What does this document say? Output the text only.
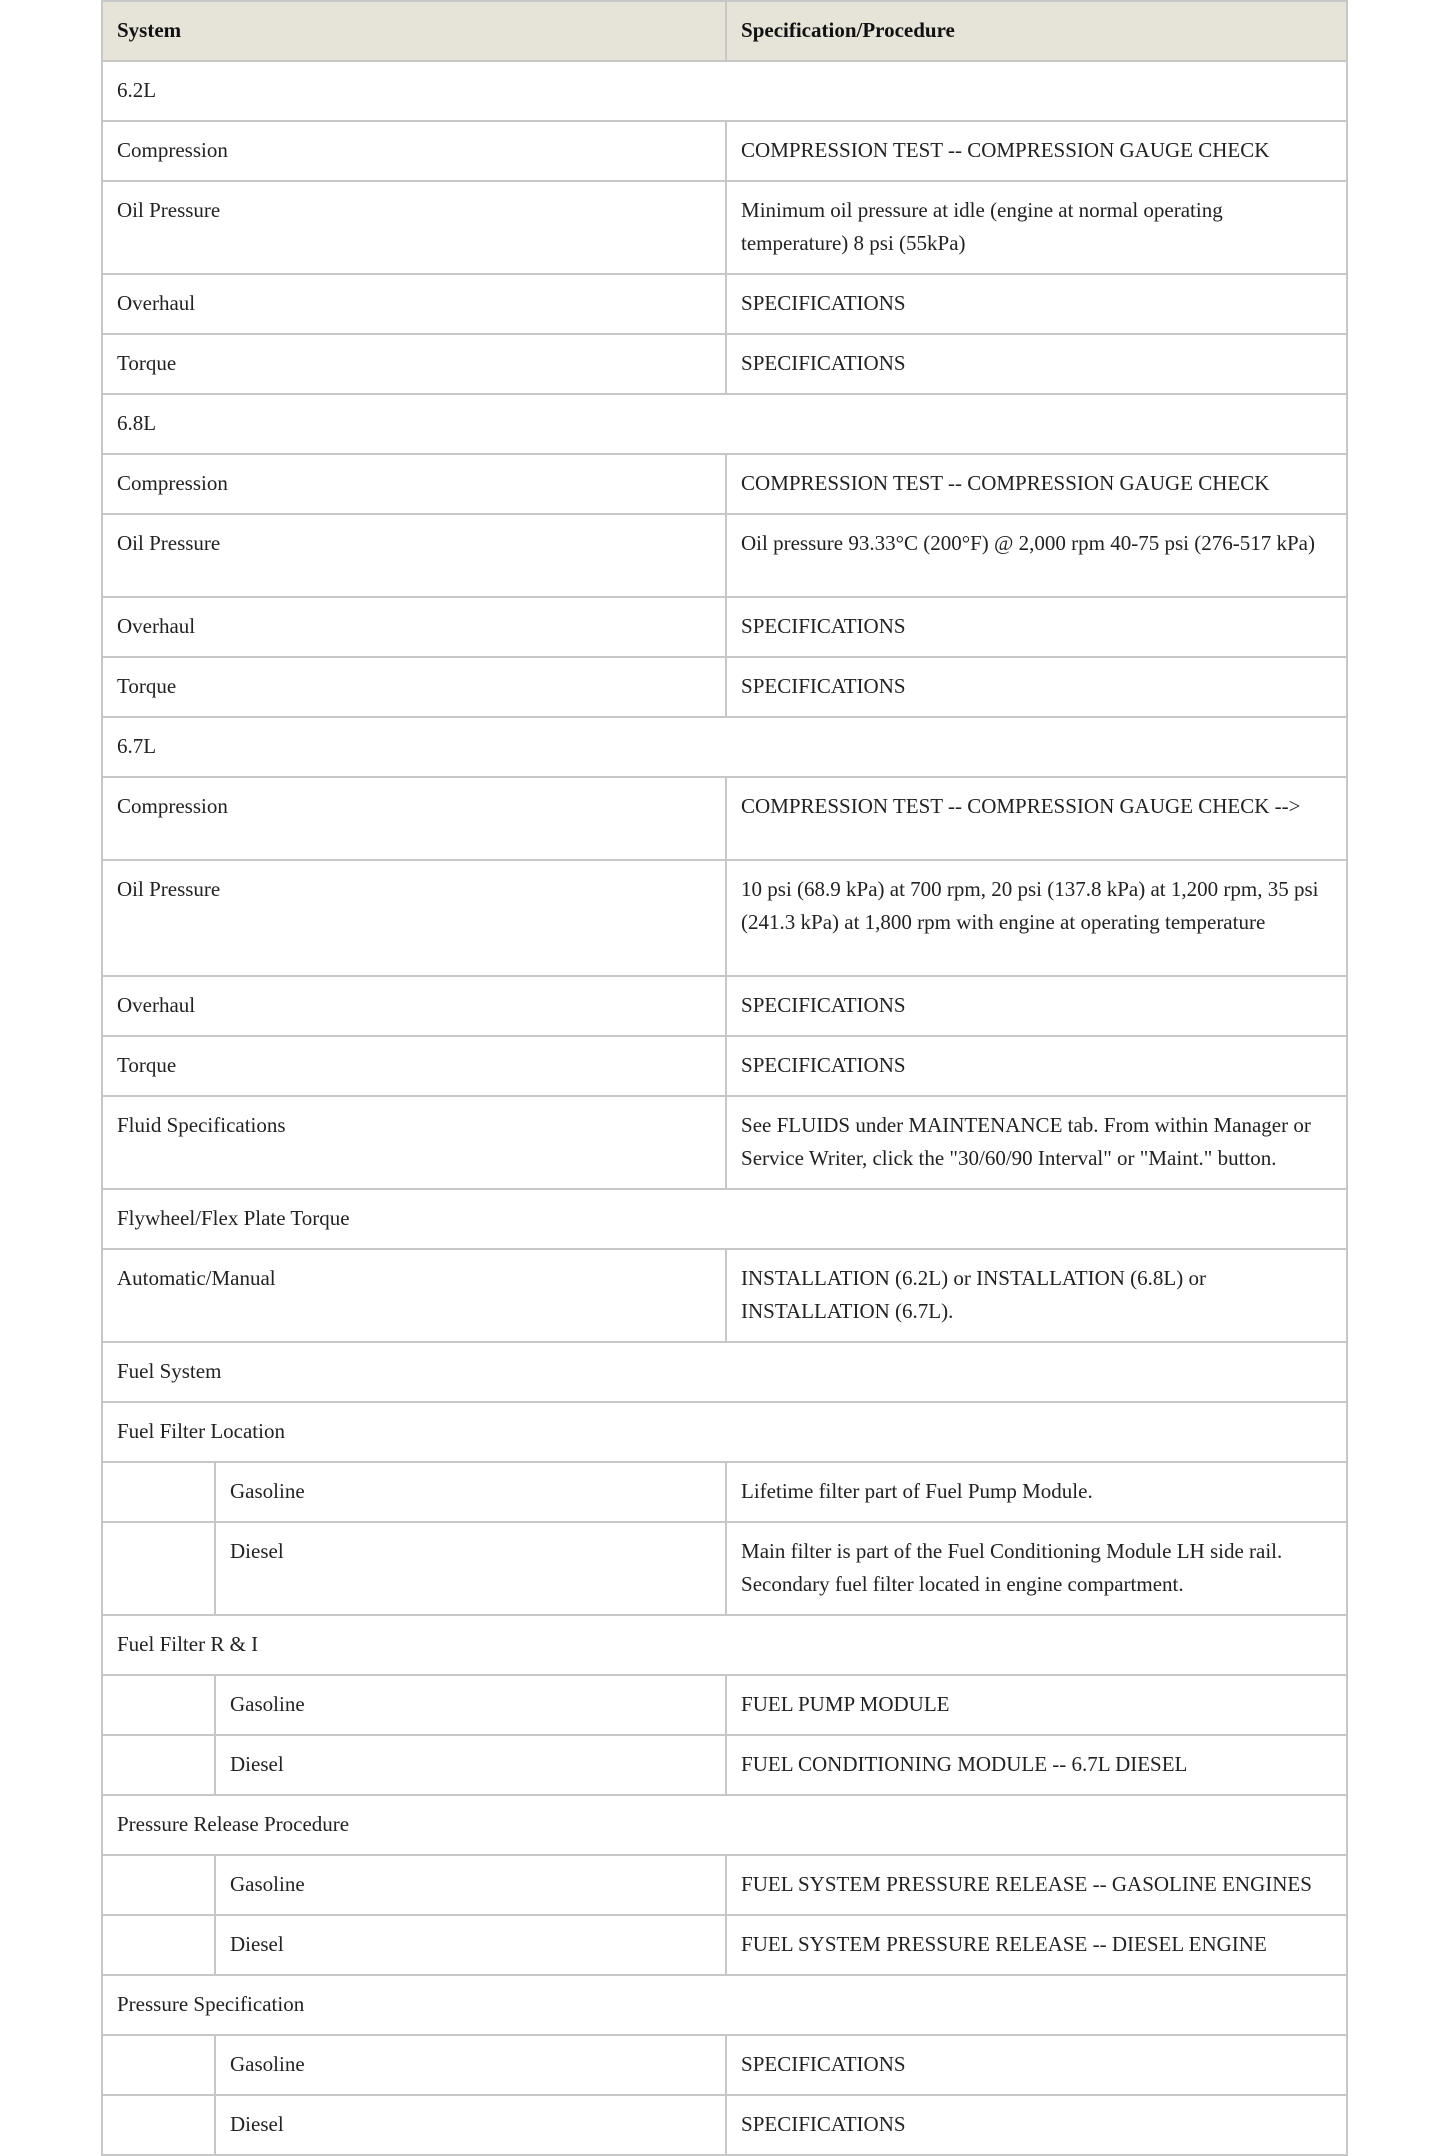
System		Specification/Procedure
6.2L		
Compression		COMPRESSION TEST -- COMPRESSION GAUGE CHECK
Oil Pressure		Minimum oil pressure at idle (engine at normal operating temperature) 8 psi (55kPa)
Overhaul		SPECIFICATIONS
Torque		SPECIFICATIONS
6.8L		
Compression		COMPRESSION TEST -- COMPRESSION GAUGE CHECK
Oil Pressure		Oil pressure 93.33°C (200°F) @ 2,000 rpm 40-75 psi (276-517 kPa)
Overhaul		SPECIFICATIONS
Torque		SPECIFICATIONS
6.7L		
Compression		COMPRESSION TEST -- COMPRESSION GAUGE CHECK -->
Oil Pressure		10 psi (68.9 kPa) at 700 rpm, 20 psi (137.8 kPa) at 1,200 rpm, 35 psi (241.3 kPa) at 1,800 rpm with engine at operating temperature
Overhaul		SPECIFICATIONS
Torque		SPECIFICATIONS
Fluid Specifications		See FLUIDS under MAINTENANCE tab. From within Manager or Service Writer, click the "30/60/90 Interval" or "Maint." button.
Flywheel/Flex Plate Torque		
Automatic/Manual		INSTALLATION (6.2L) or INSTALLATION (6.8L) or INSTALLATION (6.7L).
Fuel System		
Fuel Filter Location		
	Gasoline	Lifetime filter part of Fuel Pump Module.
	Diesel	Main filter is part of the Fuel Conditioning Module LH side rail. Secondary fuel filter located in engine compartment.
Fuel Filter R & I		
	Gasoline	FUEL PUMP MODULE
	Diesel	FUEL CONDITIONING MODULE -- 6.7L DIESEL
Pressure Release Procedure		
	Gasoline	FUEL SYSTEM PRESSURE RELEASE -- GASOLINE ENGINES
	Diesel	FUEL SYSTEM PRESSURE RELEASE -- DIESEL ENGINE
Pressure Specification		
	Gasoline	SPECIFICATIONS
	Diesel	SPECIFICATIONS
